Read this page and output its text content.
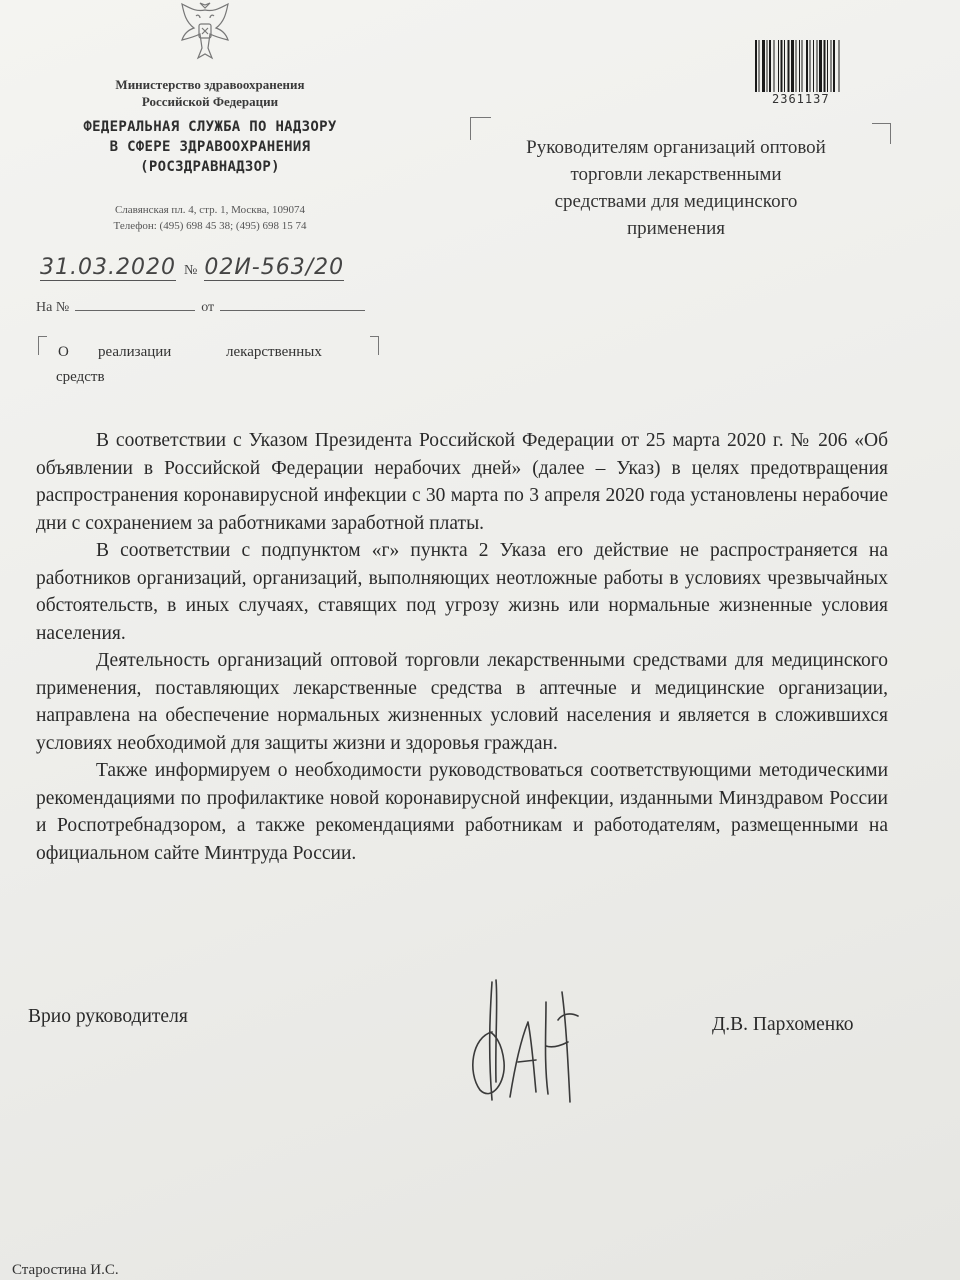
Министерство здравоохранения
Российской Федерации
ФЕДЕРАЛЬНАЯ СЛУЖБА ПО НАДЗОРУ
В СФЕРЕ ЗДРАВООХРАНЕНИЯ
(РОСЗДРАВНАДЗОР)
Славянская пл. 4, стр. 1, Москва, 109074
Телефон: (495) 698 45 38; (495) 698 15 74
31.03.2020 № 02И-563/20
На №	от
О реализации	лекарственных
средств
2361137
Руководителям организаций оптовой
торговли лекарственными
средствами для медицинского
применения

В соответствии с Указом Президента Российской Федерации от 25 марта 2020 г. № 206 «Об объявлении в Российской Федерации нерабочих дней» (далее – Указ) в целях предотвращения распространения коронавирусной инфекции с 30 марта по 3 апреля 2020 года установлены нерабочие дни с сохранением за работниками заработной платы.

В соответствии с подпунктом «г» пункта 2 Указа его действие не распространяется на работников организаций, организаций, выполняющих неотложные работы в условиях чрезвычайных обстоятельств, в иных случаях, ставящих под угрозу жизнь или нормальные жизненные условия населения.

Деятельность организаций оптовой торговли лекарственными средствами для медицинского применения, поставляющих лекарственные средства в аптечные и медицинские организации, направлена на обеспечение нормальных жизненных условий населения и является в сложившихся условиях необходимой для защиты жизни и здоровья граждан.

Также информируем о необходимости руководствоваться соответствующими методическими рекомендациями по профилактике новой коронавирусной инфекции, изданными Минздравом России и Роспотребнадзором, а также рекомендациями работникам и работодателям, размещенными на официальном сайте Минтруда России.

Врио руководителя	Д.В. Пархоменко
Старостина И.С.
